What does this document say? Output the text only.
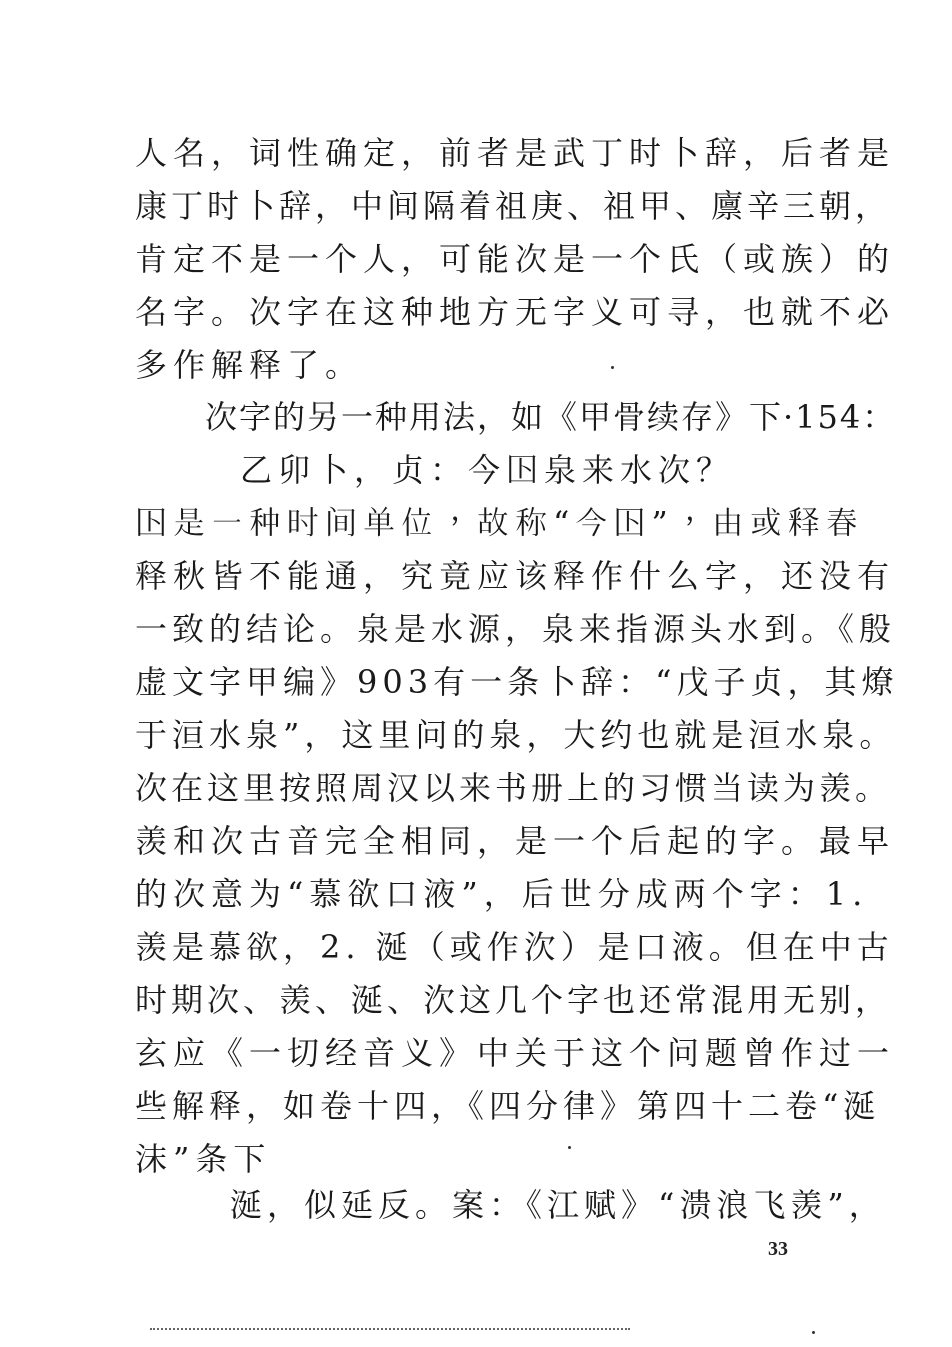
人名，词性确定，前者是武丁时卜辞，后者是
康丁时卜辞，中间隔着祖庚、祖甲、廪辛三朝，
肯定不是一个人，可能次是一个氏（或族）的
名字。次字在这种地方无字义可寻，也就不必
多作解释了。
次字的另一种用法，如《甲骨续存》下·154：
乙卯卜，贞：今𡆥泉来水次？
𡆥是一种时间单位，故称“今𡆥”，由或释春
释秋皆不能通，究竟应该释作什么字，还没有
一致的结论。泉是水源，泉来指源头水到。《殷
虚文字甲编》903有一条卜辞：“戊子贞，其燎
于洹水泉”，这里问的泉，大约也就是洹水泉。
次在这里按照周汉以来书册上的习惯当读为羡。
羡和次古音完全相同，是一个后起的字。最早
的次意为“慕欲口液”，后世分成两个字：1.
羡是慕欲，2. 涎（或作㳄）是口液。但在中古
时期次、羡、涎、㳄这几个字也还常混用无别，
玄应《一切经音义》中关于这个问题曾作过一
些解释，如卷十四，《四分律》第四十二卷“涎
沫”条下
涎，似延反。案：《江赋》“溃浪飞羡”，
33
